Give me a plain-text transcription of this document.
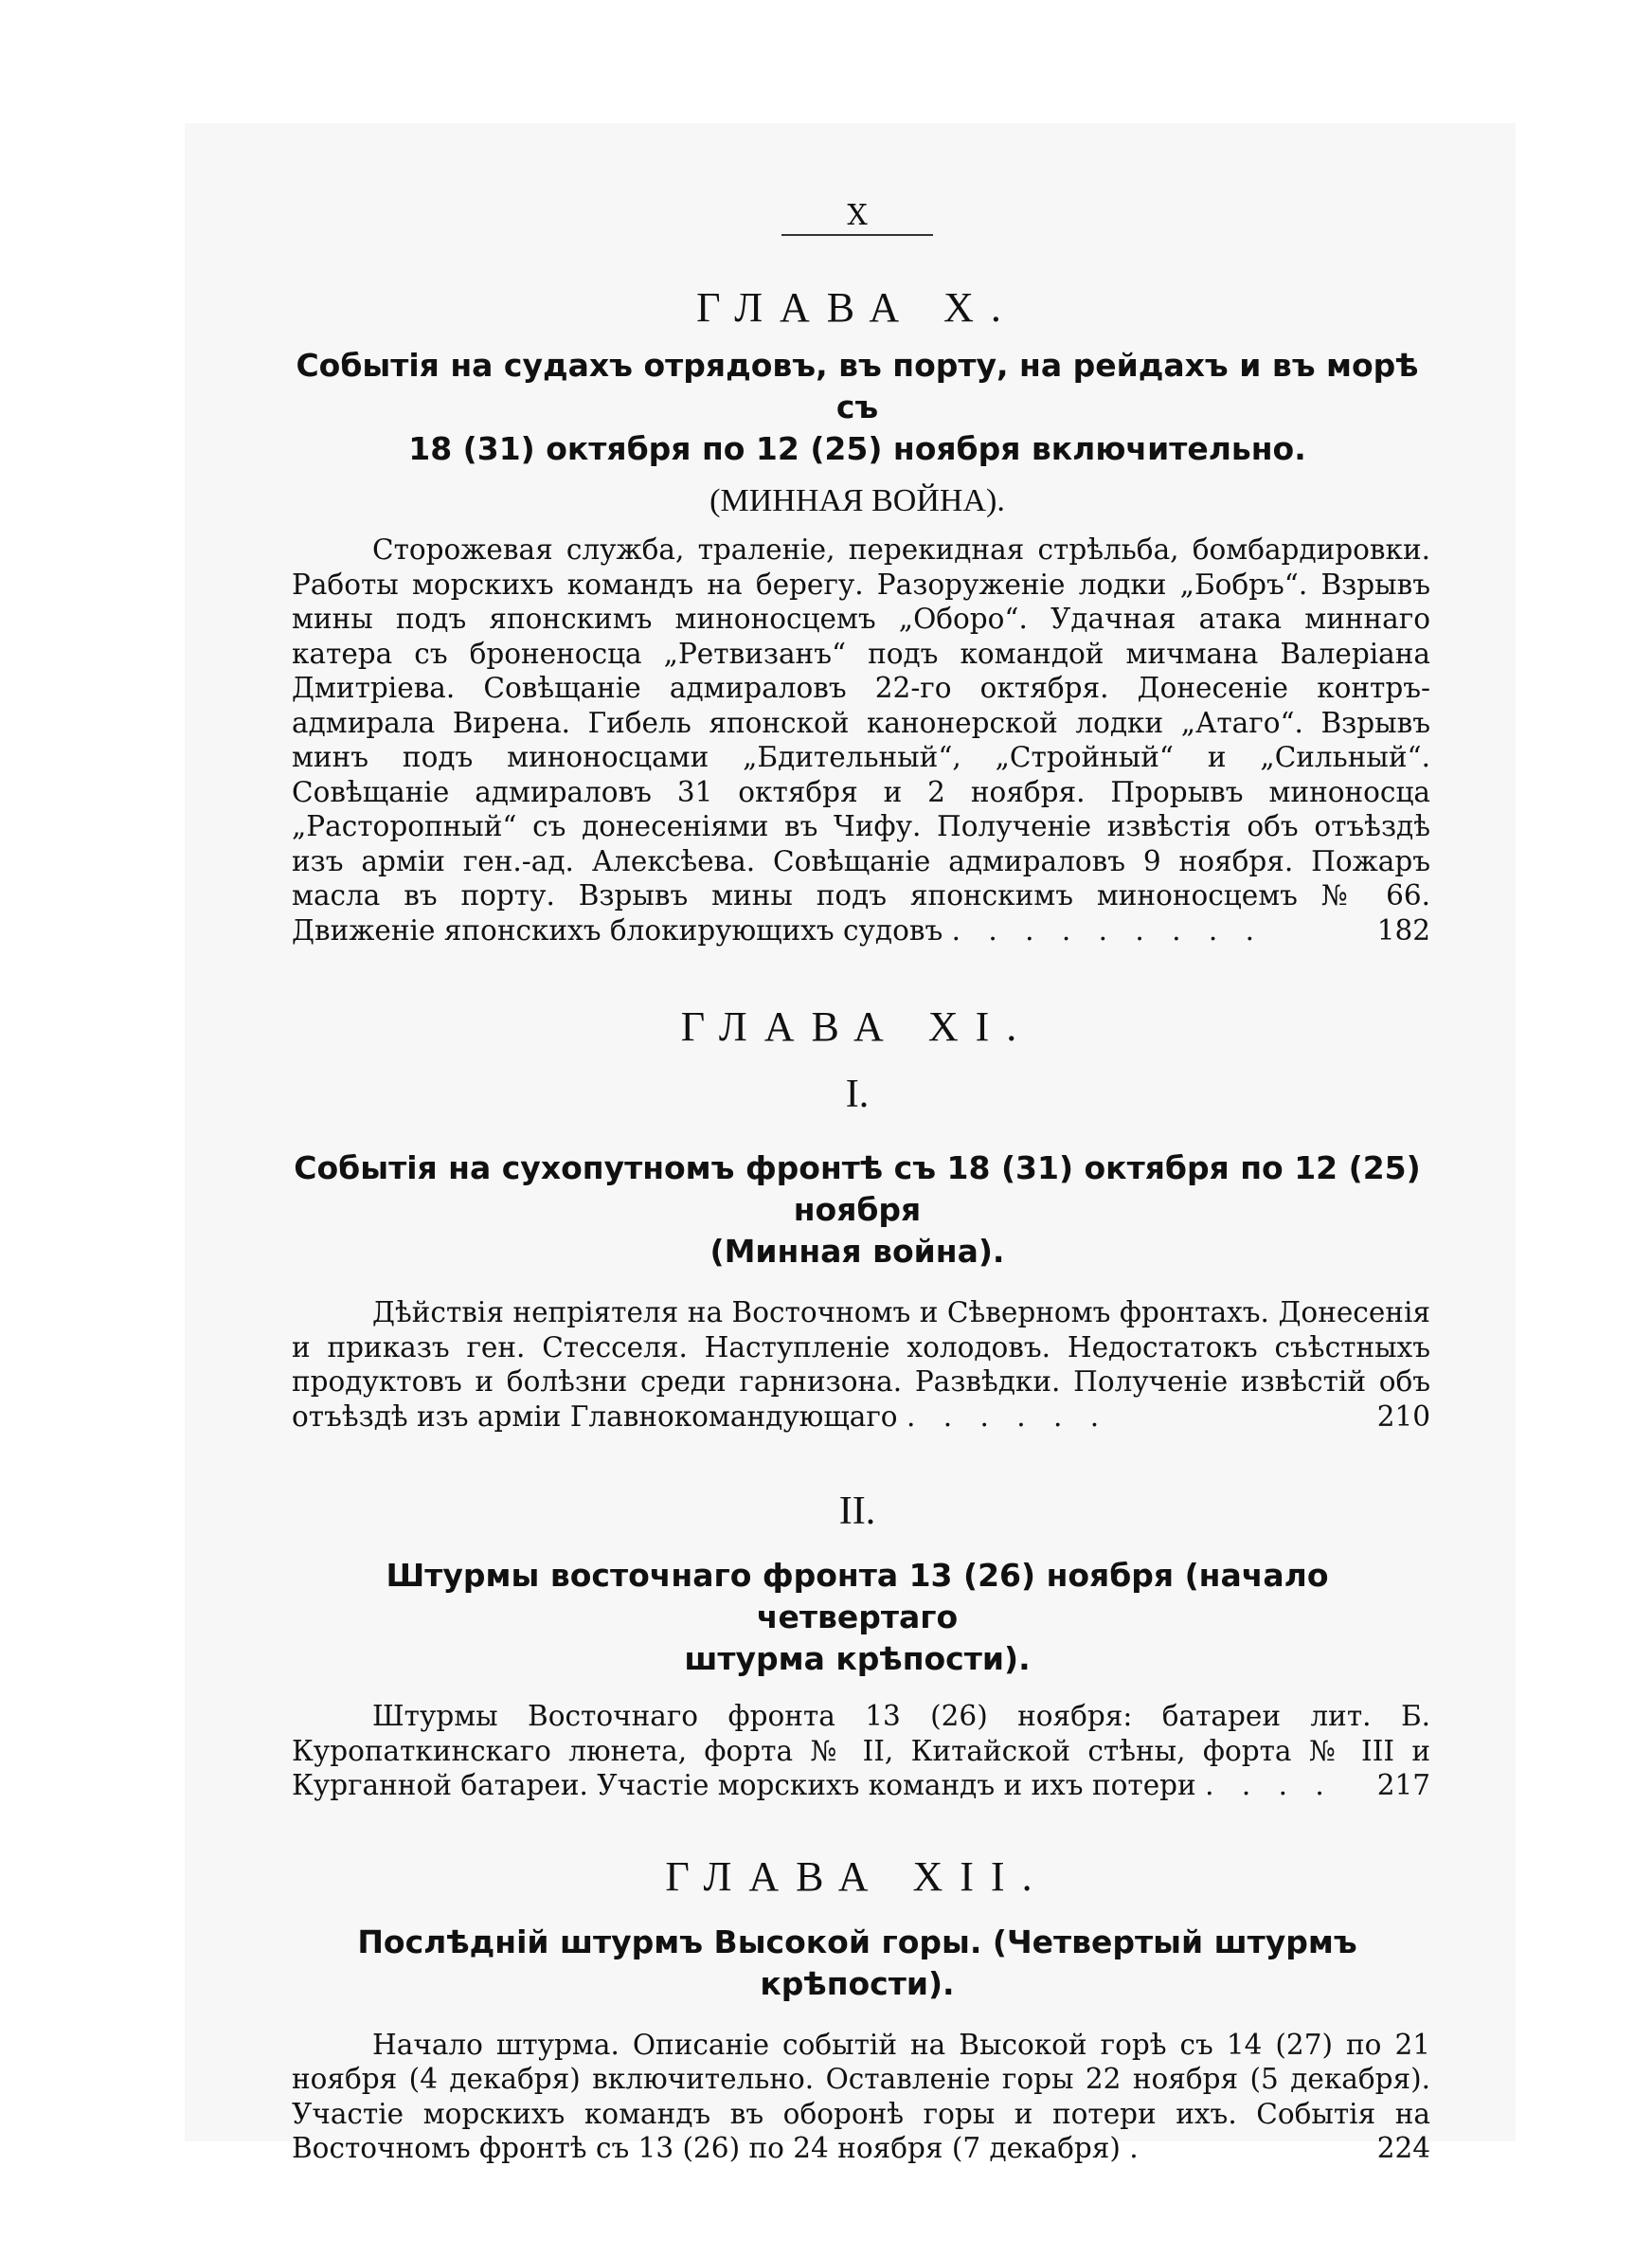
X
ГЛАВА X.
Событія на судахъ отрядовъ, въ порту, на рейдахъ и въ морѣ съ
18 (31) октября по 12 (25) ноября включительно.
(МИННАЯ ВОЙНА).
Сторожевая служба, траленіе, перекидная стрѣльба, бомбардировки. Работы морскихъ командъ на берегу. Разоруженіе лодки „Бобръ“. Взрывъ мины подъ японскимъ миноносцемъ „Оборо“. Удачная атака миннаго катера съ броненосца „Ретвизанъ“ подъ командой мичмана Валеріана Дмитріева. Совѣщаніе адмираловъ 22-го октября. Донесеніе контръ-адмирала Вирена. Гибель японской канонерской лодки „Атаго“. Взрывъ минъ подъ миноносцами „Бдительный“, „Стройный“ и „Сильный“. Совѣщаніе адмираловъ 31 октября и 2 ноября. Прорывъ миноносца „Расторопный“ съ донесеніями въ Чифу. Полученіе извѣстія объ отъѣздѣ изъ арміи ген.-ад. Алексѣева. Совѣщаніе адмираловъ 9 ноября. Пожаръ масла въ порту. Взрывъ мины подъ японскимъ миноносцемъ № 66. Движеніе японскихъ блокирующихъ судовъ . . . . . . . . .	182
ГЛАВА XI.
I.
Событія на сухопутномъ фронтѣ съ 18 (31) октября по 12 (25) ноября
(Минная война).
Дѣйствія непріятеля на Восточномъ и Сѣверномъ фронтахъ. Донесенія и приказъ ген. Стесселя. Наступленіе холодовъ. Недостатокъ съѣстныхъ продуктовъ и болѣзни среди гарнизона. Развѣдки. Полученіе извѣстій объ отъѣздѣ изъ арміи Главнокомандующаго . . . . . .	210
II.
Штурмы восточнаго фронта 13 (26) ноября (начало четвертаго
штурма крѣпости).
Штурмы Восточнаго фронта 13 (26) ноября: батареи лит. Б. Куропаткинскаго люнета, форта № II, Китайской стѣны, форта № III и Курганной батареи. Участіе морскихъ командъ и ихъ потери . . . . 217
ГЛАВА XII.
Послѣдній штурмъ Высокой горы. (Четвертый штурмъ крѣпости).
Начало штурма. Описаніе событій на Высокой горѣ съ 14 (27) по 21 ноября (4 декабря) включительно. Оставленіе горы 22 ноября (5 декабря). Участіе морскихъ командъ въ оборонѣ горы и потери ихъ. Событія на Восточномъ фронтѣ съ 13 (26) по 24 ноября (7 декабря) .	224
